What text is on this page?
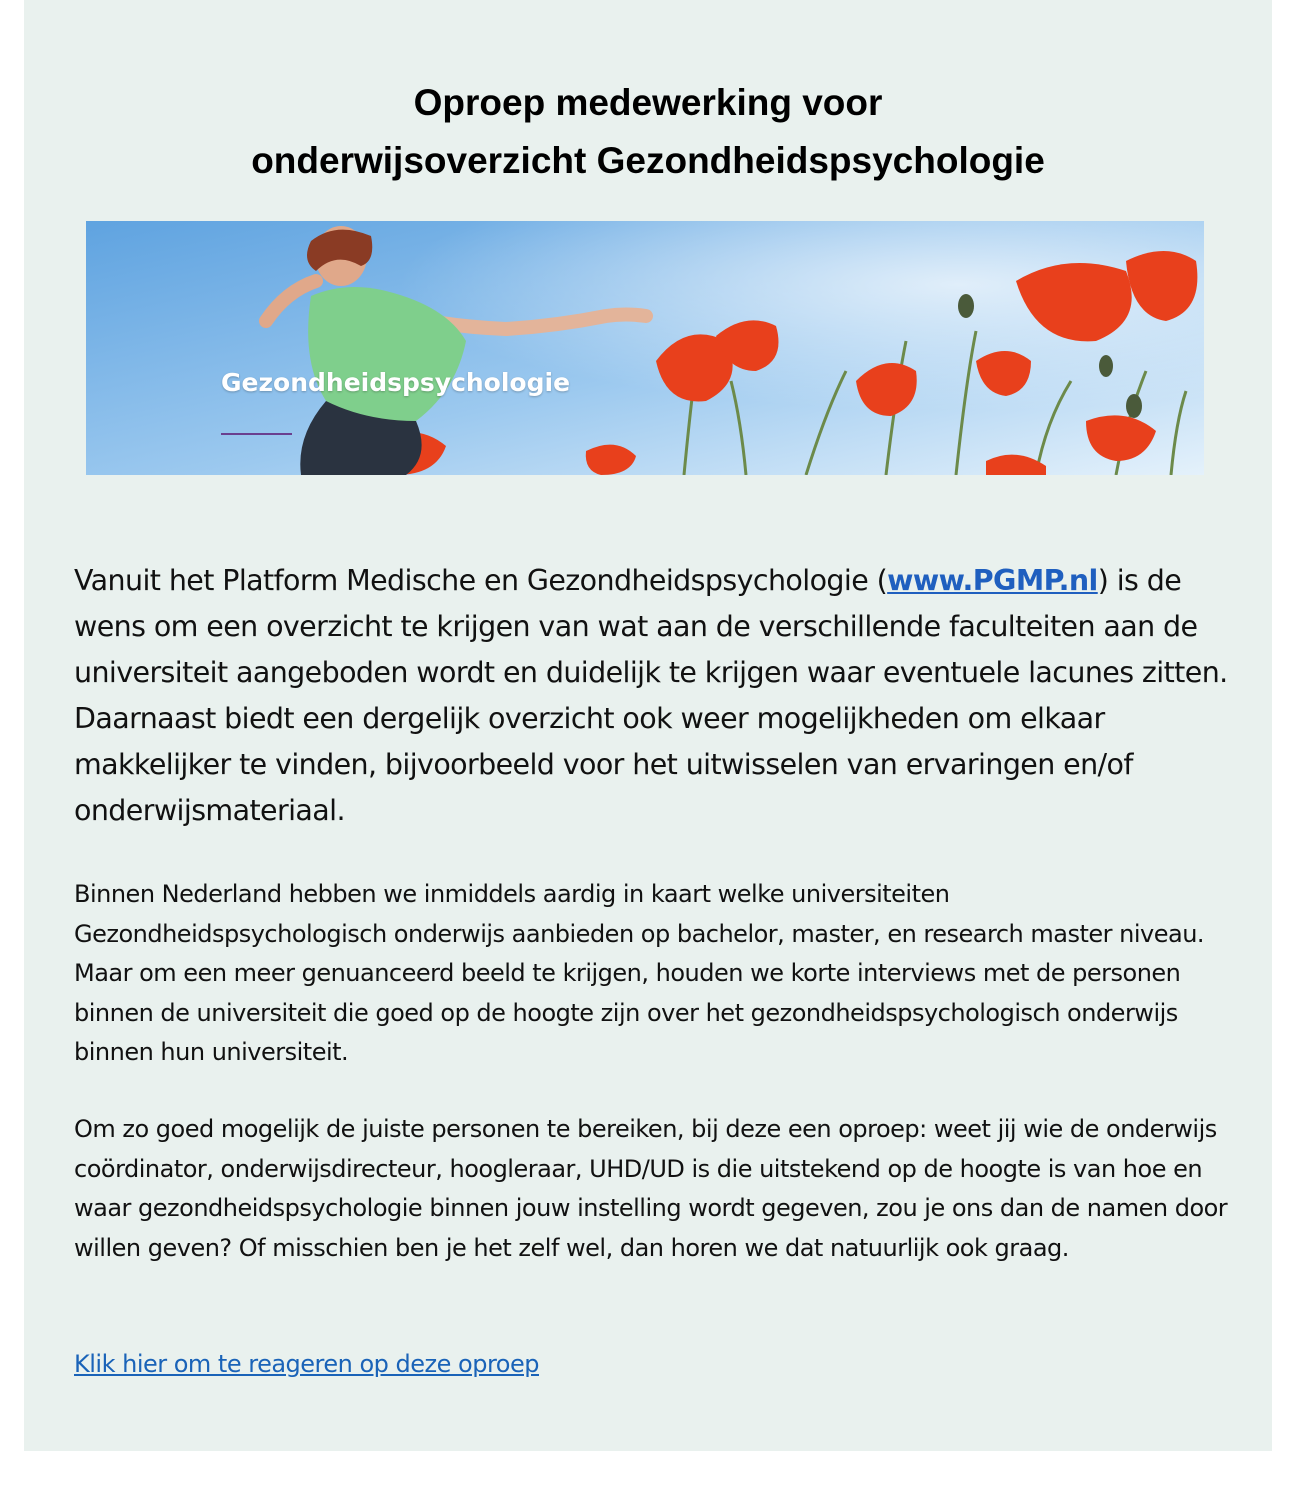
Oproep medewerking voor
onderwijsoverzicht Gezondheidspsychologie
Gezondheidspsychologie

Vanuit het Platform Medische en Gezondheidspsychologie (www.PGMP.nl) is de wens om een overzicht te krijgen van wat aan de verschillende faculteiten aan de universiteit aangeboden wordt en duidelijk te krijgen waar eventuele lacunes zitten. Daarnaast biedt een dergelijk overzicht ook weer mogelijkheden om elkaar makkelijker te vinden, bijvoorbeeld voor het uitwisselen van ervaringen en/of onderwijsmateriaal.

Binnen Nederland hebben we inmiddels aardig in kaart welke universiteiten Gezondheidspsychologisch onderwijs aanbieden op bachelor, master, en research master niveau. Maar om een meer genuanceerd beeld te krijgen, houden we korte interviews met de personen binnen de universiteit die goed op de hoogte zijn over het gezondheidspsychologisch onderwijs binnen hun universiteit.

Om zo goed mogelijk de juiste personen te bereiken, bij deze een oproep: weet jij wie de onderwijs coördinator, onderwijsdirecteur, hoogleraar, UHD/UD is die uitstekend op de hoogte is van hoe en waar gezondheidspsychologie binnen jouw instelling wordt gegeven, zou je ons dan de namen door willen geven? Of misschien ben je het zelf wel, dan horen we dat natuurlijk ook graag.

Klik hier om te reageren op deze oproep
